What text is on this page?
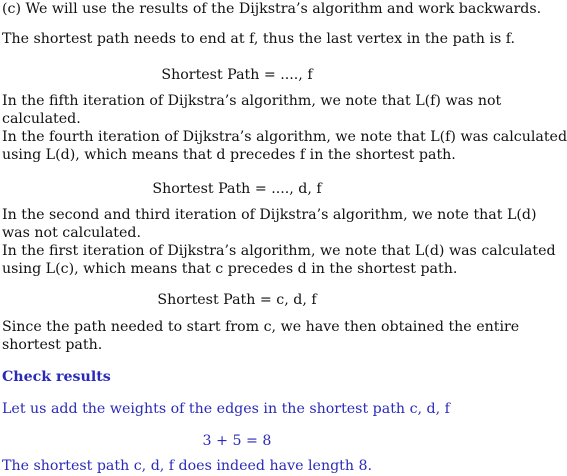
(c) We will use the results of the Dijkstra’s algorithm and work backwards.
The shortest path needs to end at f, thus the last vertex in the path is f.
Shortest Path = ...., f
In the fifth iteration of Dijkstra’s algorithm, we note that L(f) was not
calculated.
In the fourth iteration of Dijkstra’s algorithm, we note that L(f) was calculated
using L(d), which means that d precedes f in the shortest path.
Shortest Path = ...., d, f
In the second and third iteration of Dijkstra’s algorithm, we note that L(d)
was not calculated.
In the first iteration of Dijkstra’s algorithm, we note that L(d) was calculated
using L(c), which means that c precedes d in the shortest path.
Shortest Path = c, d, f
Since the path needed to start from c, we have then obtained the entire
shortest path.
Check results
Let us add the weights of the edges in the shortest path c, d, f
3 + 5 = 8
The shortest path c, d, f does indeed have length 8.
